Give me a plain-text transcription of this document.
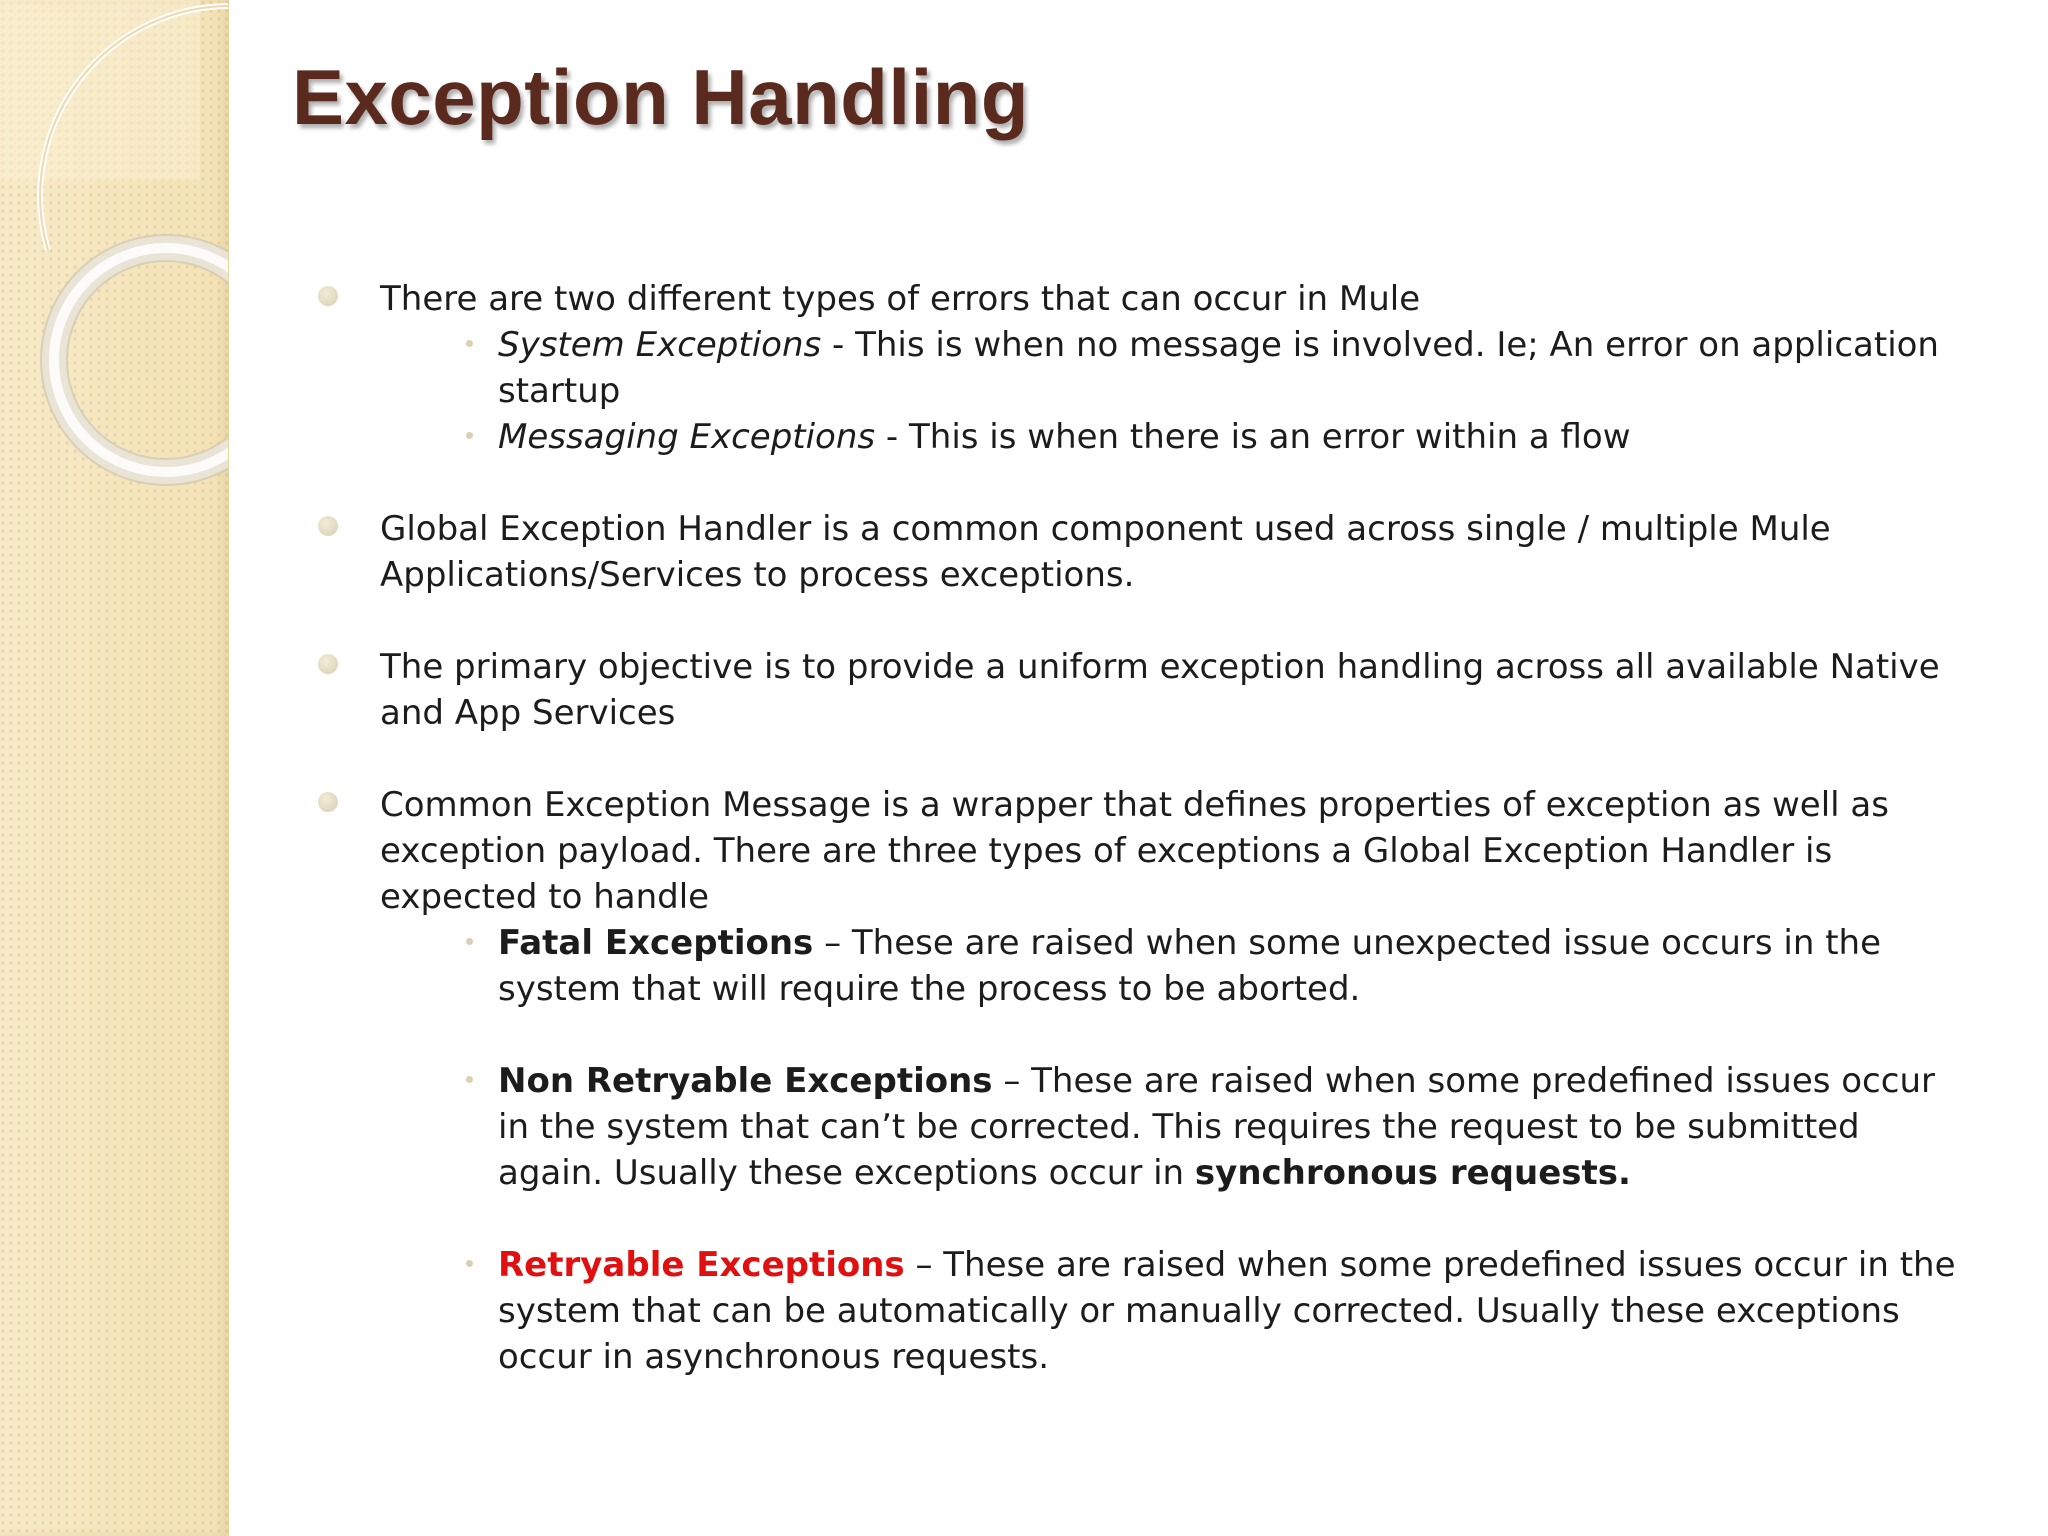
Exception Handling
There are two different types of errors that can occur in Mule
System Exceptions - This is when no message is involved. Ie; An error on application startup
Messaging Exceptions - This is when there is an error within a flow
Global Exception Handler is a common component used across single / multiple Mule Applications/Services to process exceptions.
The primary objective is to provide a uniform exception handling across all available Native and App Services
Common Exception Message is a wrapper that defines properties of exception as well as exception payload. There are three types of exceptions a Global Exception Handler is expected to handle
Fatal Exceptions – These are raised when some unexpected issue occurs in the system that will require the process to be aborted.
Non Retryable Exceptions – These are raised when some predefined issues occur in the system that can’t be corrected. This requires the request to be submitted again. Usually these exceptions occur in synchronous requests.
Retryable Exceptions – These are raised when some predefined issues occur in the system that can be automatically or manually corrected. Usually these exceptions occur in asynchronous requests.
